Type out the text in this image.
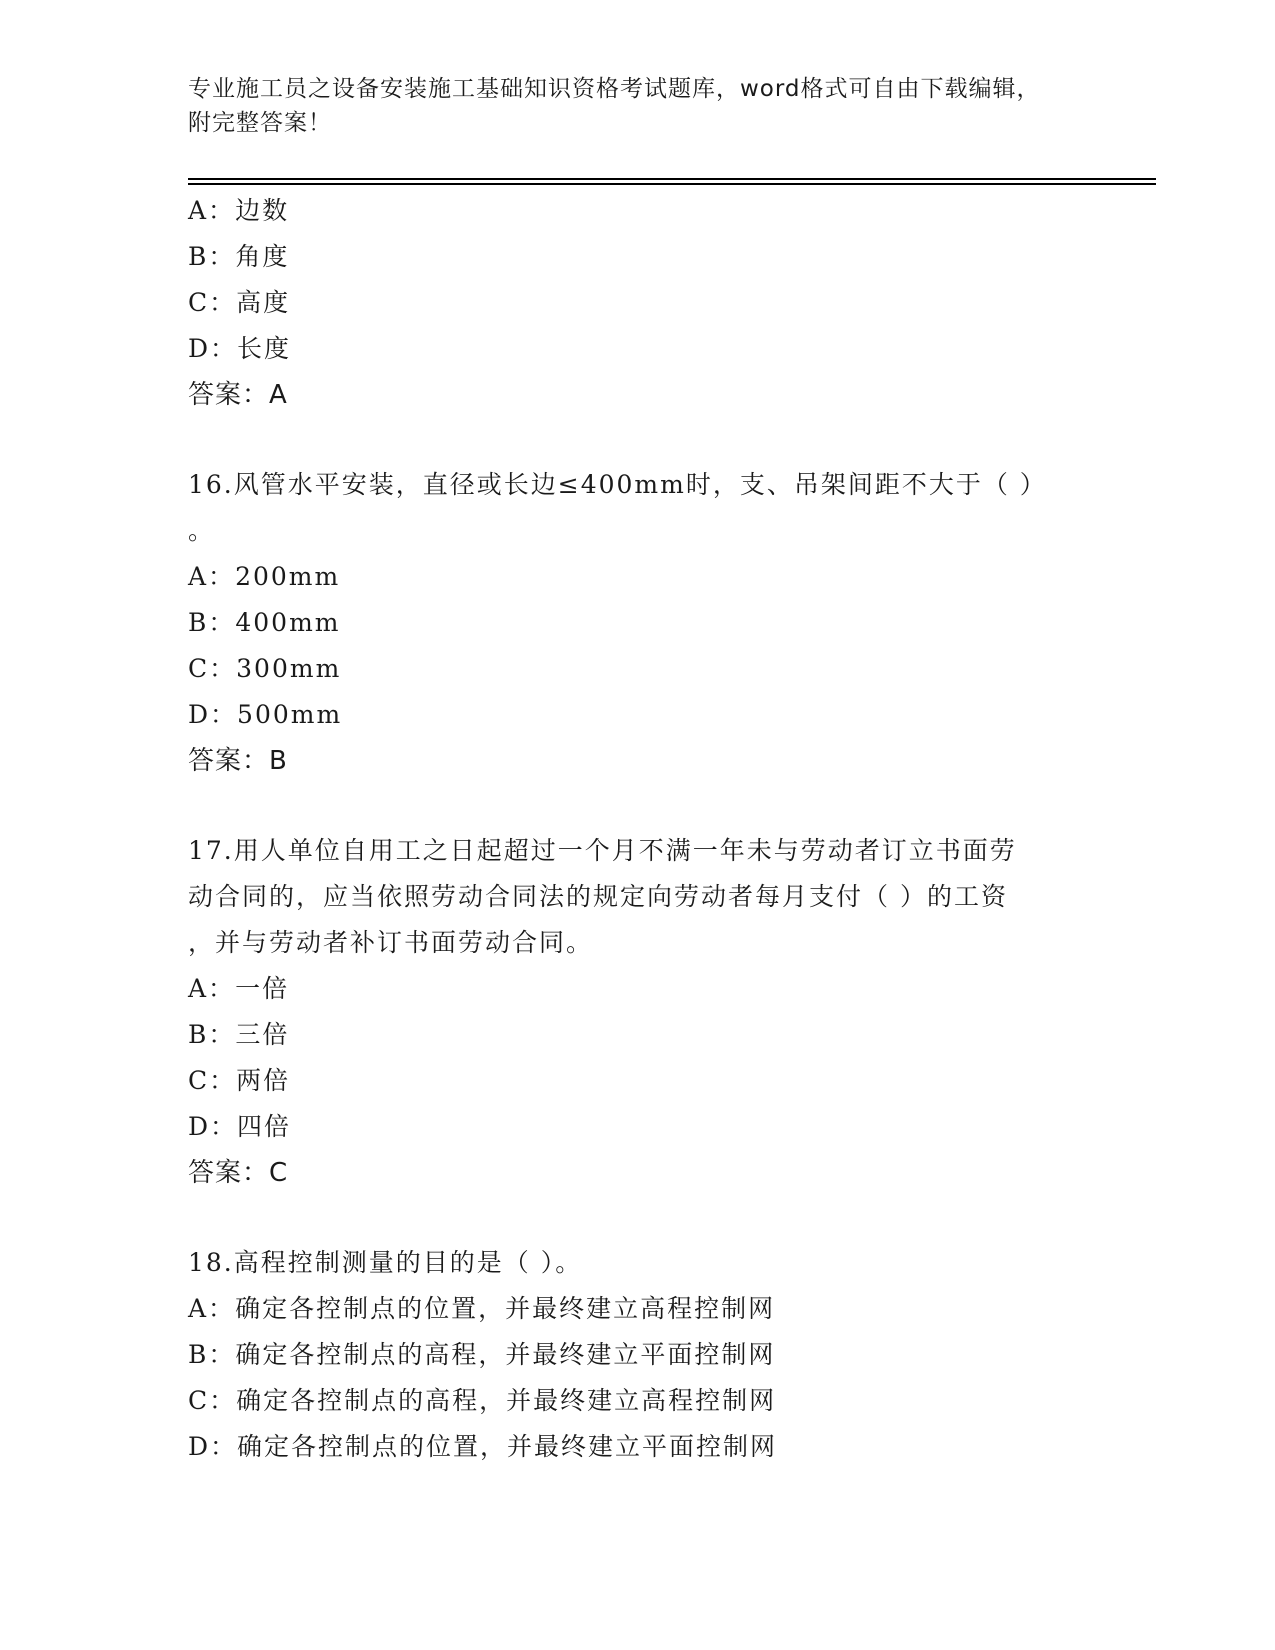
专业施工员之设备安装施工基础知识资格考试题库，word格式可自由下载编辑，
附完整答案！
A：边数
B：角度
C：高度
D：长度
答案：A
16.风管水平安装，直径或长边≤400mm时，支、吊架间距不大于（ ）
。
A：200mm
B：400mm
C：300mm
D：500mm
答案：B
17.用人单位自用工之日起超过一个月不满一年未与劳动者订立书面劳
动合同的，应当依照劳动合同法的规定向劳动者每月支付（ ）的工资
，并与劳动者补订书面劳动合同。
A：一倍
B：三倍
C：两倍
D：四倍
答案：C
18.高程控制测量的目的是（ ）。
A：确定各控制点的位置，并最终建立高程控制网
B：确定各控制点的高程，并最终建立平面控制网
C：确定各控制点的高程，并最终建立高程控制网
D：确定各控制点的位置，并最终建立平面控制网
